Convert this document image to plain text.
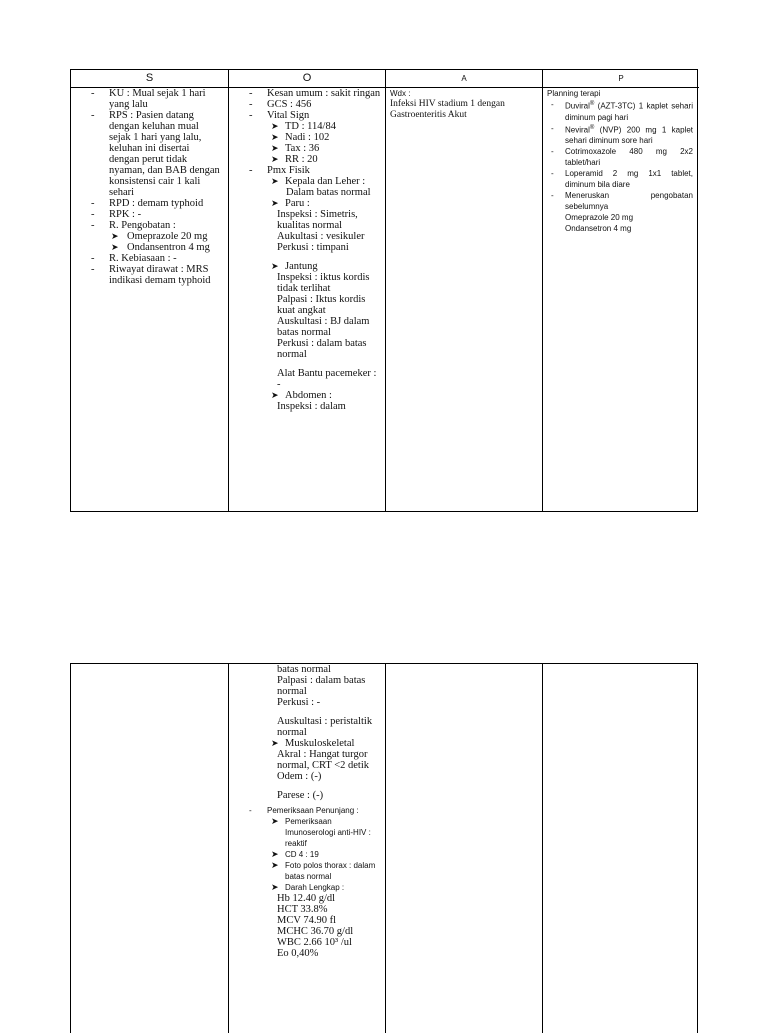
S
- KU : Mual sejak 1 hari yang lalu
- RPS : Pasien datang dengan keluhan mual sejak 1 hari yang lalu, keluhan ini disertai dengan perut tidak nyaman, dan BAB dengan konsistensi cair 1 kali sehari
- RPD : demam typhoid
- RPK : -
- R. Pengobatan :
➤ Omeprazole 20 mg
➤ Ondansentron 4 mg
- R. Kebiasaan : -
- Riwayat dirawat : MRS indikasi demam typhoid
O
- Kesan umum : sakit ringan
- GCS : 456
- Vital Sign
➤ TD : 114/84
➤ Nadi : 102
➤ Tax : 36
➤ RR : 20
- Pmx Fisik
➤ Kepala dan Leher :
Dalam batas normal
➤ Paru :
Inspeksi : Simetris, kualitas normal
Aukultasi : vesikuler
Perkusi : timpani
➤ Jantung
Inspeksi : iktus kordis tidak terlihat
Palpasi : Iktus kordis kuat angkat
Auskultasi : BJ dalam batas normal
Perkusi : dalam batas normal
Alat Bantu pacemeker : -
➤ Abdomen :
Inspeksi : dalam
A
Wdx :
Infeksi HIV stadium 1 dengan Gastroenteritis Akut
P
Planning terapi
- Duviral® (AZT-3TC) 1 kaplet sehari diminum pagi hari
- Neviral® (NVP) 200 mg 1 kaplet sehari diminum sore hari
- Cotrimoxazole 480 mg 2x2 tablet/hari
- Loperamid 2 mg 1x1 tablet, diminum bila diare
- Meneruskan pengobatan sebelumnya
Omeprazole 20 mg
Ondansetron 4 mg
batas normal
Palpasi : dalam batas normal
Perkusi : -
Auskultasi : peristaltik normal
➤ Muskuloskeletal
Akral : Hangat turgor normal, CRT <2 detik
Odem : (-)
Parese : (-)
- Pemeriksaan Penunjang :
➤ Pemeriksaan Imunoserologi anti-HIV : reaktif
➤ CD 4 : 19
➤ Foto polos thorax : dalam batas normal
➤ Darah Lengkap :
Hb 12.40 g/dl
HCT 33.8%
MCV 74.90 fl
MCHC 36.70 g/dl
WBC 2.66 10³ /ul
Eo 0,40%
